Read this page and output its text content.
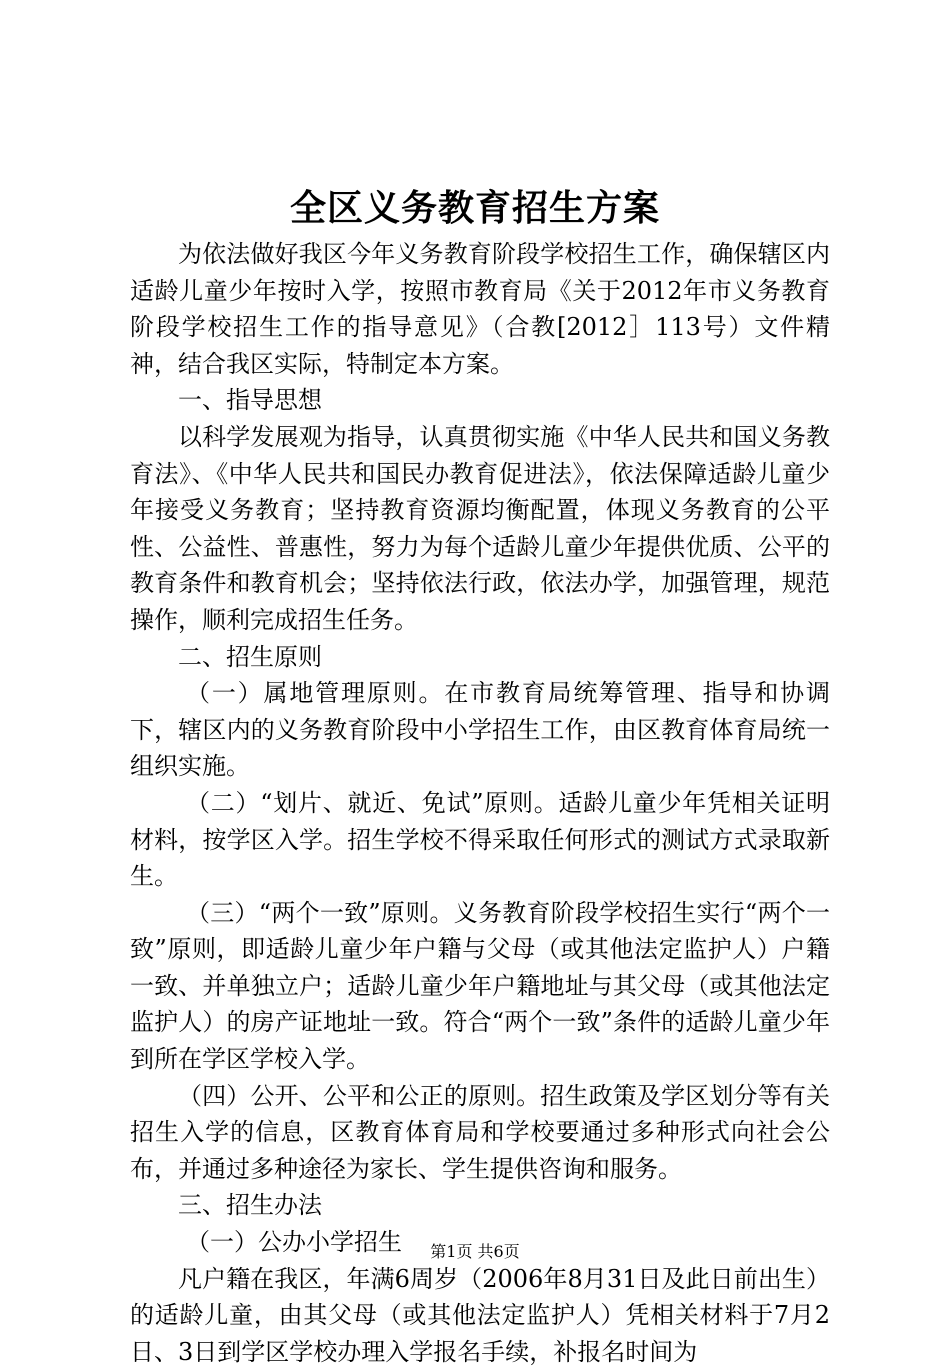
全区义务教育招生方案

为依法做好我区今年义务教育阶段学校招生工作，确保辖区内适龄儿童少年按时入学，按照市教育局《关于2012年市义务教育阶段学校招生工作的指导意见》（合教[2012］113号）文件精神，结合我区实际，特制定本方案。

一、指导思想

以科学发展观为指导，认真贯彻实施《中华人民共和国义务教育法》、《中华人民共和国民办教育促进法》，依法保障适龄儿童少年接受义务教育；坚持教育资源均衡配置，体现义务教育的公平性、公益性、普惠性，努力为每个适龄儿童少年提供优质、公平的教育条件和教育机会；坚持依法行政，依法办学，加强管理，规范操作，顺利完成招生任务。

二、招生原则

（一）属地管理原则。在市教育局统筹管理、指导和协调下，辖区内的义务教育阶段中小学招生工作，由区教育体育局统一组织实施。

（二）“划片、就近、免试”原则。适龄儿童少年凭相关证明材料，按学区入学。招生学校不得采取任何形式的测试方式录取新生。

（三）“两个一致”原则。义务教育阶段学校招生实行“两个一致”原则，即适龄儿童少年户籍与父母（或其他法定监护人）户籍一致、并单独立户；适龄儿童少年户籍地址与其父母（或其他法定监护人）的房产证地址一致。符合“两个一致”条件的适龄儿童少年到所在学区学校入学。

（四）公开、公平和公正的原则。招生政策及学区划分等有关招生入学的信息，区教育体育局和学校要通过多种形式向社会公布，并通过多种途径为家长、学生提供咨询和服务。

三、招生办法

（一）公办小学招生

凡户籍在我区，年满6周岁（2006年8月31日及此日前出生）的适龄儿童，由其父母（或其他法定监护人）凭相关材料于7月2日、3日到学区学校办理入学报名手续，补报名时间为

第1页 共6页
